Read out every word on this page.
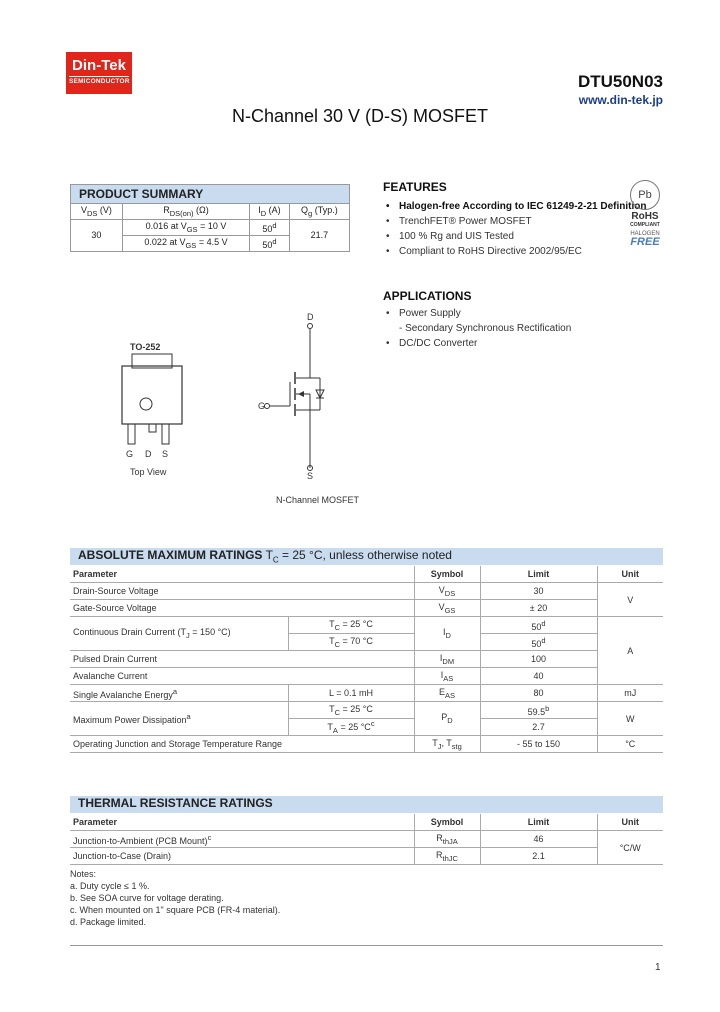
Din-Tek
SEMICONDUCTOR	DTU50N03
www.din-tek.jp
N-Channel 30 V (D-S) MOSFET
PRODUCT SUMMARY			
$V_{DS}$ (V)	$R_{DS(on)}$ (Ω)	$I_D$ (A)	$Q_g$ (Typ.)
30	0.016 at $V_{GS} = 10$ V	50$^d$	21.7
	0.022 at $V_{GS} = 4.5$ V	50$^d$
FEATURES
• Halogen-free According to IEC 61249-2-21 Definition
• TrenchFET® Power MOSFET
• 100 % Rg and UIS Tested
• Compliant to RoHS Directive 2002/95/EC
Pb
RoHS
COMPLIANT
HALOGEN
FREE
APPLICATIONS
• Power Supply
- Secondary Synchronous Rectification
• DC/DC Converter
TO-252
G D S
Top View
D
G
S
N-Channel MOSFET
ABSOLUTE MAXIMUM RATINGS $T_C = 25$ °C, unless otherwise noted
Parameter		Symbol	Limit	Unit
Drain-Source Voltage		$V_{DS}$	30	V
Gate-Source Voltage		$V_{GS}$	± 20	
Continuous Drain Current ($T_J = 150$ °C)	$T_C = 25$ °C	$I_D$	50$^d$	A
	$T_C = 70$ °C		50$^d$
Pulsed Drain Current		$I_{DM}$	100	
Avalanche Current		$I_{AS}$	40	
Single Avalanche Energy$^a$	L = 0.1 mH	$E_{AS}$	80	mJ
Maximum Power Dissipation$^a$	$T_C = 25$ °C	$P_D$	59.5$^b$	W
	$T_A = 25$ $^\circ C^c$		2.7	
Operating Junction and Storage Temperature Range		$T_J$, $T_{stg}$	- 55 to 150	°C
THERMAL RESISTANCE RATINGS
Parameter	Symbol	Limit	Unit
Junction-to-Ambient (PCB Mount)$^c$	$R_{thJA}$	46	°C/W
Junction-to-Case (Drain)	$R_{thJC}$	2.1	
Notes:
a. Duty cycle ≤ 1 %.
b. See SOA curve for voltage derating.
c. When mounted on 1" square PCB (FR-4 material).
d. Package limited.
1
